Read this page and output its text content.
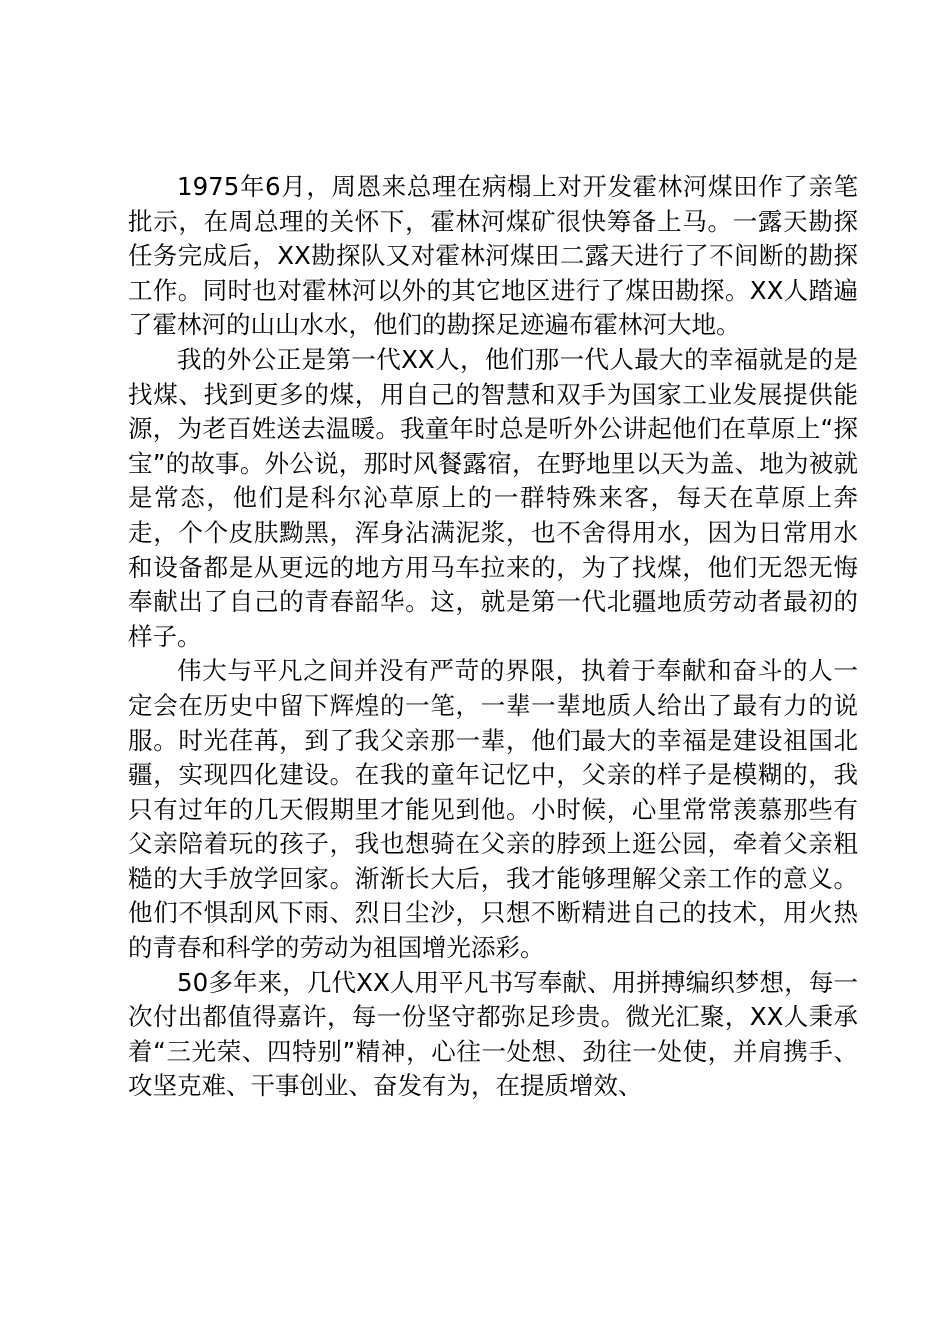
1975年6月，周恩来总理在病榻上对开发霍林河煤田作了亲笔批示，在周总理的关怀下，霍林河煤矿很快筹备上马。一露天勘探任务完成后，XX勘探队又对霍林河煤田二露天进行了不间断的勘探工作。同时也对霍林河以外的其它地区进行了煤田勘探。XX人踏遍了霍林河的山山水水，他们的勘探足迹遍布霍林河大地。

我的外公正是第一代XX人，他们那一代人最大的幸福就是的是找煤、找到更多的煤，用自己的智慧和双手为国家工业发展提供能源，为老百姓送去温暖。我童年时总是听外公讲起他们在草原上“探宝”的故事。外公说，那时风餐露宿，在野地里以天为盖、地为被就是常态，他们是科尔沁草原上的一群特殊来客，每天在草原上奔走，个个皮肤黝黑，浑身沾满泥浆，也不舍得用水，因为日常用水和设备都是从更远的地方用马车拉来的，为了找煤，他们无怨无悔奉献出了自己的青春韶华。这，就是第一代北疆地质劳动者最初的样子。

伟大与平凡之间并没有严苛的界限，执着于奉献和奋斗的人一定会在历史中留下辉煌的一笔，一辈一辈地质人给出了最有力的说服。时光荏苒，到了我父亲那一辈，他们最大的幸福是建设祖国北疆，实现四化建设。在我的童年记忆中，父亲的样子是模糊的，我只有过年的几天假期里才能见到他。小时候，心里常常羡慕那些有父亲陪着玩的孩子，我也想骑在父亲的脖颈上逛公园，牵着父亲粗糙的大手放学回家。渐渐长大后，我才能够理解父亲工作的意义。他们不惧刮风下雨、烈日尘沙，只想不断精进自己的技术，用火热的青春和科学的劳动为祖国增光添彩。

50多年来，几代XX人用平凡书写奉献、用拼搏编织梦想，每一次付出都值得嘉许，每一份坚守都弥足珍贵。微光汇聚，XX人秉承着“三光荣、四特别”精神，心往一处想、劲往一处使，并肩携手、攻坚克难、干事创业、奋发有为，在提质增效、
